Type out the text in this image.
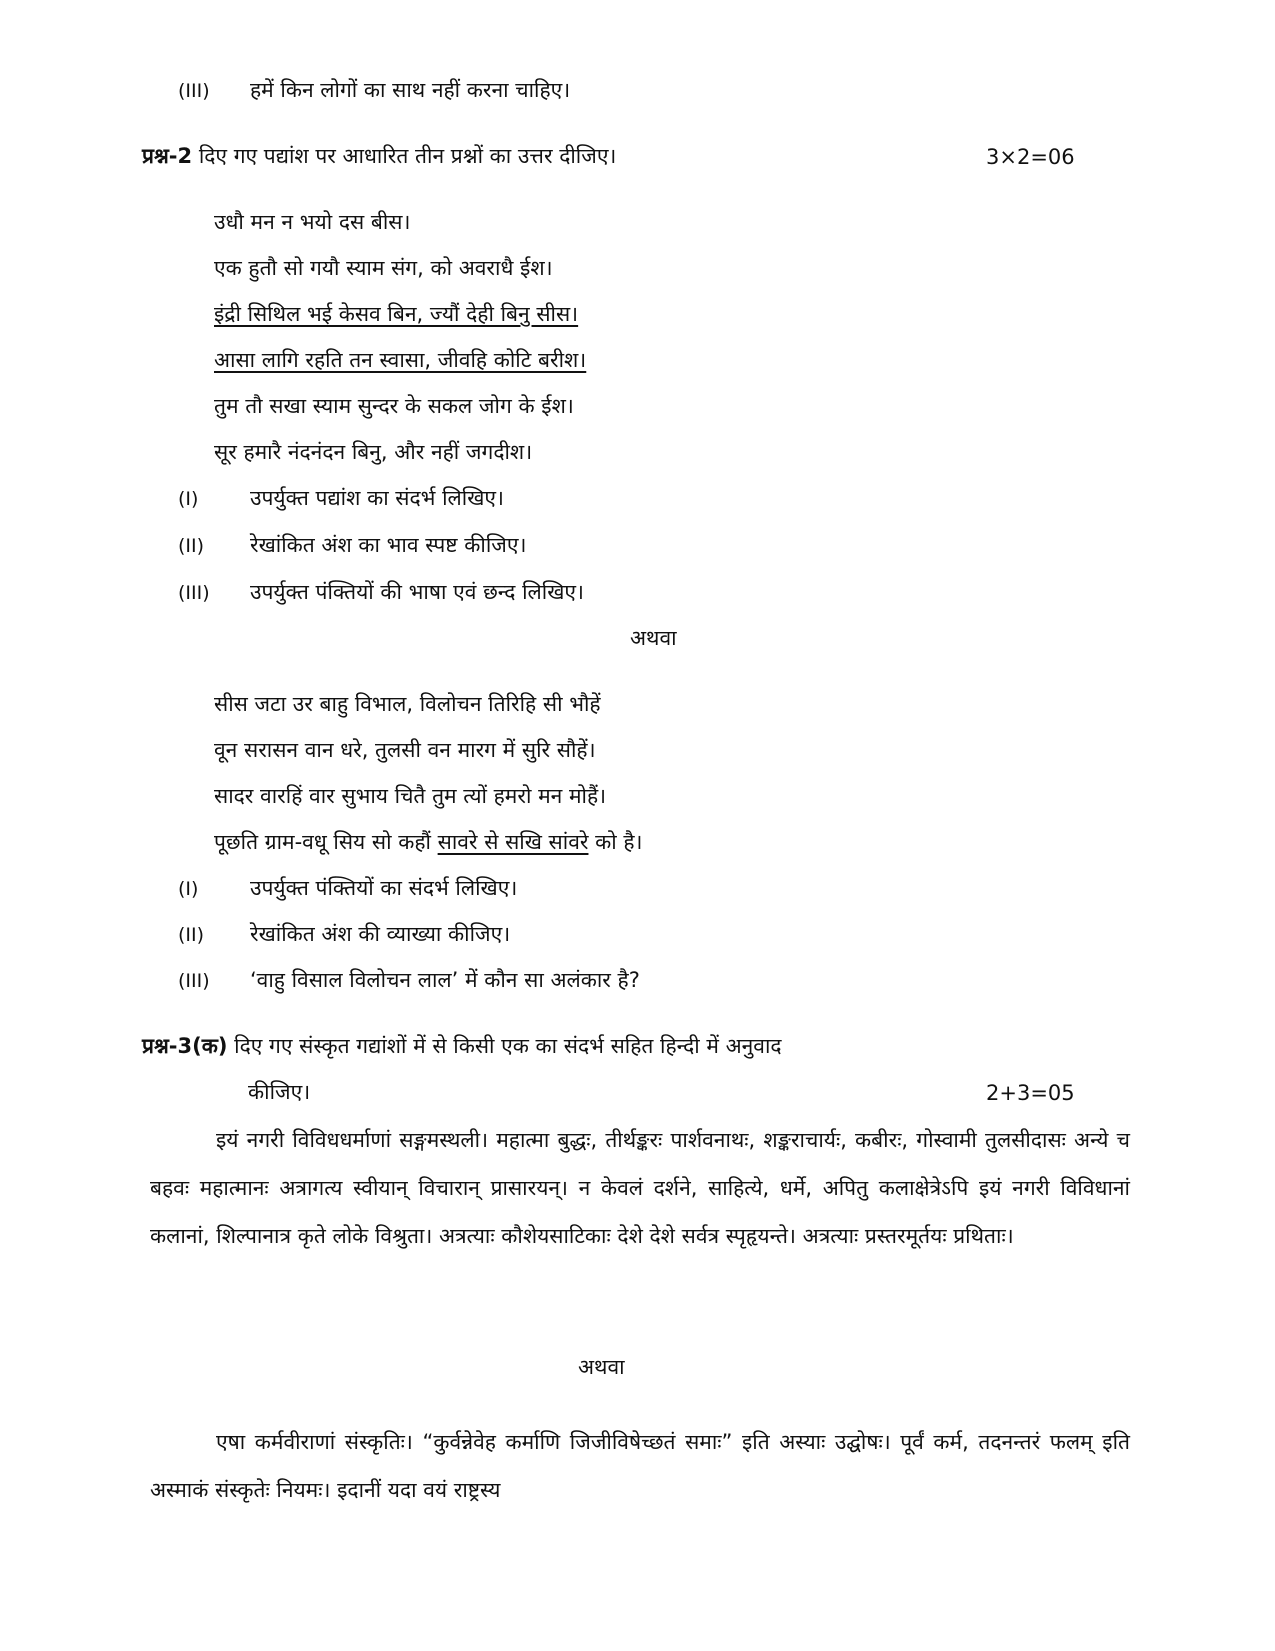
(III) हमें किन लोगों का साथ नहीं करना चाहिए।
प्रश्न-2 दिए गए पद्यांश पर आधारित तीन प्रश्नों का उत्तर दीजिए।	3×2=06
उधौ मन न भयो दस बीस।
एक हुतौ सो गयौ स्याम संग, को अवराधै ईश।
इंद्री सिथिल भई केसव बिन, ज्यौं देही बिनु सीस।
आसा लागि रहति तन स्वासा, जीवहि कोटि बरीश।
तुम तौ सखा स्याम सुन्दर के सकल जोग के ईश।
सूर हमारै नंदनंदन बिनु, और नहीं जगदीश।
(I) उपर्युक्त पद्यांश का संदर्भ लिखिए।
(II) रेखांकित अंश का भाव स्पष्ट कीजिए।
(III) उपर्युक्त पंक्तियों की भाषा एवं छन्द लिखिए।
अथवा
सीस जटा उर बाहु विभाल, विलोचन तिरिहि सी भौहें
वून सरासन वान धरे, तुलसी वन मारग में सुरि सौहें।
सादर वारहिं वार सुभाय चितै तुम त्यों हमरो मन मोहैं।
पूछति ग्राम-वधू सिय सो कहौं सावरे से सखि सांवरे को है।
(I) उपर्युक्त पंक्तियों का संदर्भ लिखिए।
(II) रेखांकित अंश की व्याख्या कीजिए।
(III) ‘वाहु विसाल विलोचन लाल’ में कौन सा अलंकार है?
प्रश्न-3(क) दिए गए संस्कृत गद्यांशों में से किसी एक का संदर्भ सहित हिन्दी में अनुवाद
कीजिए।	2+3=05
इयं नगरी विविधधर्माणां सङ्गमस्थली। महात्मा बुद्धः, तीर्थङ्करः पार्शवनाथः, शङ्कराचार्यः, कबीरः, गोस्वामी तुलसीदासः अन्ये च बहवः महात्मानः अत्रागत्य स्वीयान् विचारान् प्रासारयन्। न केवलं दर्शने, साहित्ये, धर्मे, अपितु कलाक्षेत्रेऽपि इयं नगरी विविधानां कलानां, शिल्पानात्र कृते लोके विश्रुता। अत्रत्याः कौशेयसाटिकाः देशे देशे सर्वत्र स्पृहृयन्ते। अत्रत्याः प्रस्तरमूर्तयः प्रथिताः।
अथवा
एषा कर्मवीराणां संस्कृतिः। “कुर्वन्नेवेह कर्माणि जिजीविषेच्छतं समाः” इति अस्याः उद्घोषः। पूर्वं कर्म, तदनन्तरं फलम् इति अस्माकं संस्कृतेः नियमः। इदानीं यदा वयं राष्ट्रस्य
